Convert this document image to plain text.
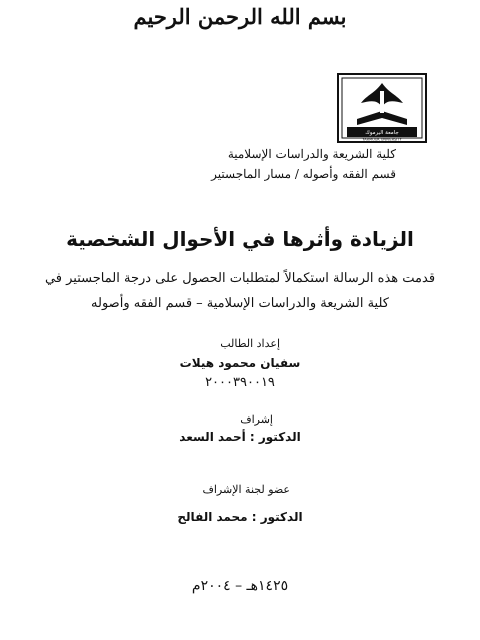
بسم الله الرحمن الرحيم
جامعة اليرموك
YARMOUK UNIVERSITY
كلية الشريعة والدراسات الإسلامية
قسم الفقه وأصوله / مسار الماجستير
الزيادة وأثرها في الأحوال الشخصية
قدمت هذه الرسالة استكمالاً لمتطلبات الحصول على درجة الماجستير في
كلية الشريعة والدراسات الإسلامية – قسم الفقه وأصوله
إعداد الطالب
سفيان محمود هيلات
٢٠٠٠٣٩٠٠١٩
إشراف
الدكتور : أحمد السعد
عضو لجنة الإشراف
الدكتور : محمد الفالح
١٤٢٥هـ – ٢٠٠٤م
